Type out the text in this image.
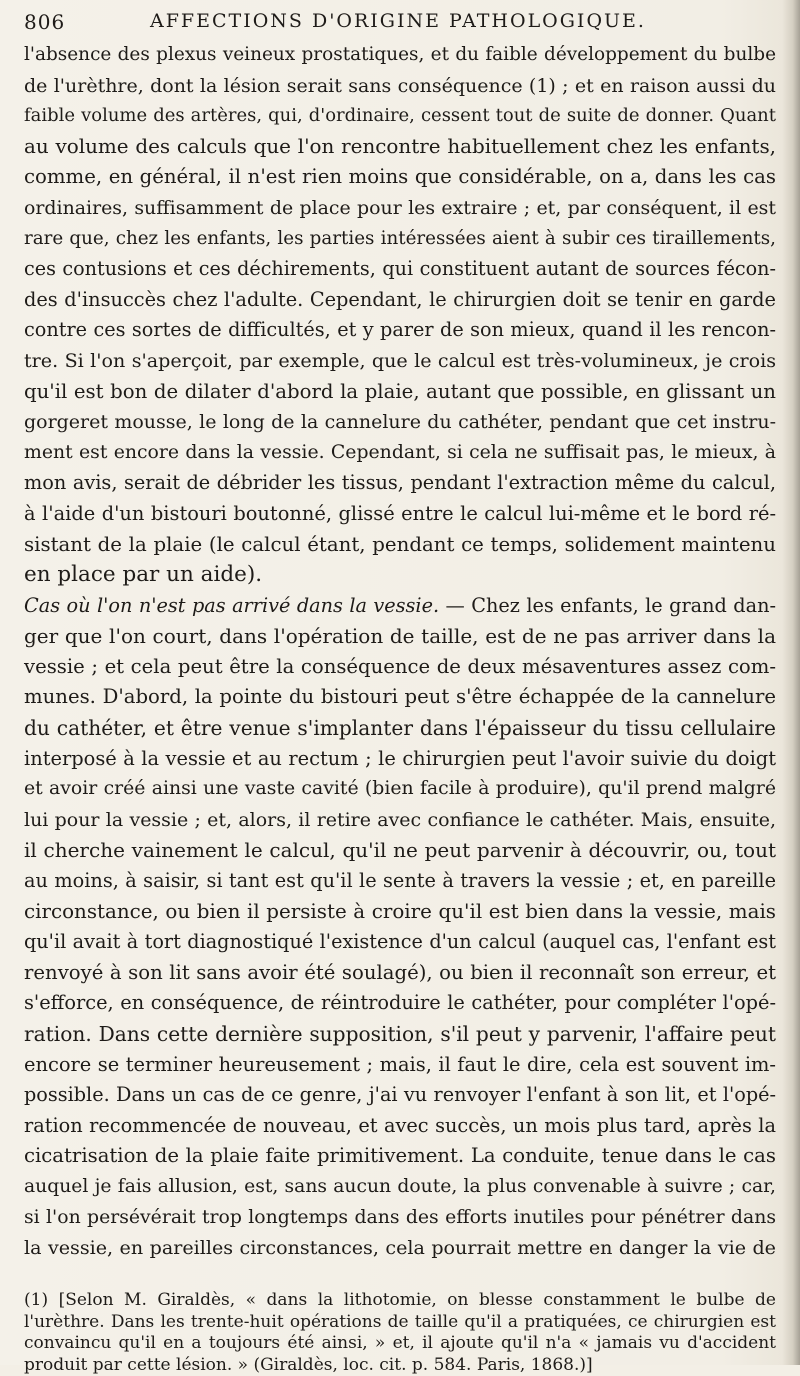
806	AFFECTIONS D'ORIGINE PATHOLOGIQUE.

l'absence des plexus veineux prostatiques, et du faible développement du bulbe
de l'urèthre, dont la lésion serait sans conséquence (1) ; et en raison aussi du
faible volume des artères, qui, d'ordinaire, cessent tout de suite de donner. Quant
au volume des calculs que l'on rencontre habituellement chez les enfants,
comme, en général, il n'est rien moins que considérable, on a, dans les cas
ordinaires, suffisamment de place pour les extraire ; et, par conséquent, il est
rare que, chez les enfants, les parties intéressées aient à subir ces tiraillements,
ces contusions et ces déchirements, qui constituent autant de sources fécon-
des d'insuccès chez l'adulte. Cependant, le chirurgien doit se tenir en garde
contre ces sortes de difficultés, et y parer de son mieux, quand il les rencon-
tre. Si l'on s'aperçoit, par exemple, que le calcul est très-volumineux, je crois
qu'il est bon de dilater d'abord la plaie, autant que possible, en glissant un
gorgeret mousse, le long de la cannelure du cathéter, pendant que cet instru-
ment est encore dans la vessie. Cependant, si cela ne suffisait pas, le mieux, à
mon avis, serait de débrider les tissus, pendant l'extraction même du calcul,
à l'aide d'un bistouri boutonné, glissé entre le calcul lui-même et le bord ré-
sistant de la plaie (le calcul étant, pendant ce temps, solidement maintenu
en place par un aide).

Cas où l'on n'est pas arrivé dans la vessie. — Chez les enfants, le grand dan-
ger que l'on court, dans l'opération de taille, est de ne pas arriver dans la
vessie ; et cela peut être la conséquence de deux mésaventures assez com-
munes. D'abord, la pointe du bistouri peut s'être échappée de la cannelure
du cathéter, et être venue s'implanter dans l'épaisseur du tissu cellulaire
interposé à la vessie et au rectum ; le chirurgien peut l'avoir suivie du doigt
et avoir créé ainsi une vaste cavité (bien facile à produire), qu'il prend malgré
lui pour la vessie ; et, alors, il retire avec confiance le cathéter. Mais, ensuite,
il cherche vainement le calcul, qu'il ne peut parvenir à découvrir, ou, tout
au moins, à saisir, si tant est qu'il le sente à travers la vessie ; et, en pareille
circonstance, ou bien il persiste à croire qu'il est bien dans la vessie, mais
qu'il avait à tort diagnostiqué l'existence d'un calcul (auquel cas, l'enfant est
renvoyé à son lit sans avoir été soulagé), ou bien il reconnaît son erreur, et
s'efforce, en conséquence, de réintroduire le cathéter, pour compléter l'opé-
ration. Dans cette dernière supposition, s'il peut y parvenir, l'affaire peut
encore se terminer heureusement ; mais, il faut le dire, cela est souvent im-
possible. Dans un cas de ce genre, j'ai vu renvoyer l'enfant à son lit, et l'opé-
ration recommencée de nouveau, et avec succès, un mois plus tard, après la
cicatrisation de la plaie faite primitivement. La conduite, tenue dans le cas
auquel je fais allusion, est, sans aucun doute, la plus convenable à suivre ; car,
si l'on persévérait trop longtemps dans des efforts inutiles pour pénétrer dans
la vessie, en pareilles circonstances, cela pourrait mettre en danger la vie de

(1) [Selon M. Giraldès, « dans la lithotomie, on blesse constamment le bulbe de
l'urèthre. Dans les trente-huit opérations de taille qu'il a pratiquées, ce chirurgien est
convaincu qu'il en a toujours été ainsi, » et, il ajoute qu'il n'a « jamais vu d'accident
produit par cette lésion. » (Giraldès, loc. cit. p. 584. Paris, 1868.)]
